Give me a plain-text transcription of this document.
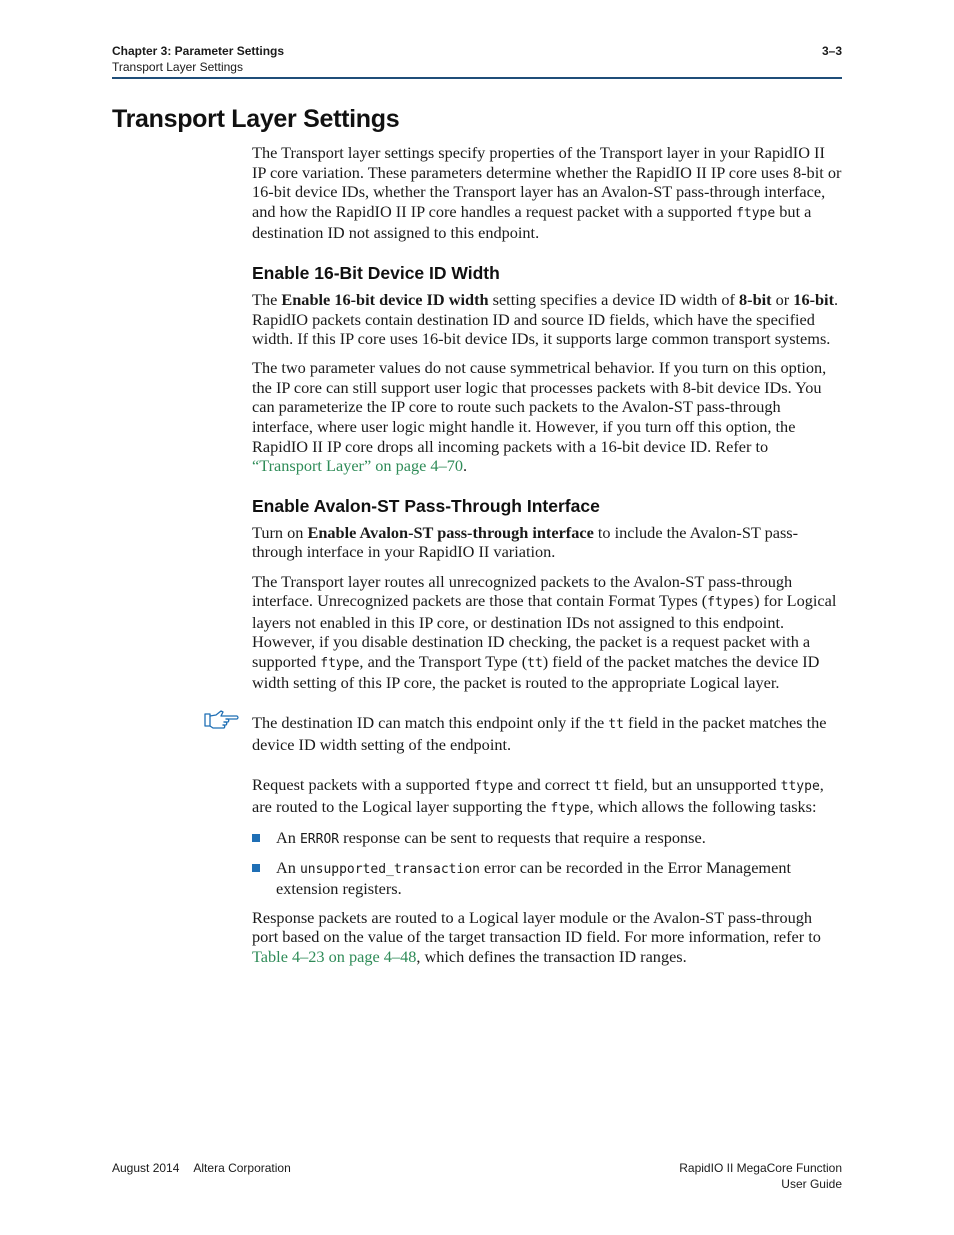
Chapter 3: Parameter Settings
Transport Layer Settings
3–3
Transport Layer Settings

The Transport layer settings specify properties of the Transport layer in your RapidIO II IP core variation. These parameters determine whether the RapidIO II IP core uses 8-bit or 16-bit device IDs, whether the Transport layer has an Avalon-ST pass-through interface, and how the RapidIO II IP core handles a request packet with a supported ftype but a destination ID not assigned to this endpoint.

Enable 16-Bit Device ID Width

The Enable 16-bit device ID width setting specifies a device ID width of 8-bit or 16-bit. RapidIO packets contain destination ID and source ID fields, which have the specified width. If this IP core uses 16-bit device IDs, it supports large common transport systems.

The two parameter values do not cause symmetrical behavior. If you turn on this option, the IP core can still support user logic that processes packets with 8-bit device IDs. You can parameterize the IP core to route such packets to the Avalon-ST pass-through interface, where user logic might handle it. However, if you turn off this option, the RapidIO II IP core drops all incoming packets with a 16-bit device ID. Refer to “Transport Layer” on page 4–70.

Enable Avalon-ST Pass-Through Interface

Turn on Enable Avalon-ST pass-through interface to include the Avalon-ST pass-through interface in your RapidIO II variation.

The Transport layer routes all unrecognized packets to the Avalon-ST pass-through interface. Unrecognized packets are those that contain Format Types (ftypes) for Logical layers not enabled in this IP core, or destination IDs not assigned to this endpoint. However, if you disable destination ID checking, the packet is a request packet with a supported ftype, and the Transport Type (tt) field of the packet matches the device ID width setting of this IP core, the packet is routed to the appropriate Logical layer.

The destination ID can match this endpoint only if the tt field in the packet matches the device ID width setting of the endpoint.

Request packets with a supported ftype and correct tt field, but an unsupported ttype, are routed to the Logical layer supporting the ftype, which allows the following tasks:

An ERROR response can be sent to requests that require a response.
An unsupported_transaction error can be recorded in the Error Management extension registers.

Response packets are routed to a Logical layer module or the Avalon-ST pass-through port based on the value of the target transaction ID field. For more information, refer to Table 4–23 on page 4–48, which defines the transaction ID ranges.

August 2014 Altera Corporation	RapidIO II MegaCore Function
User Guide
